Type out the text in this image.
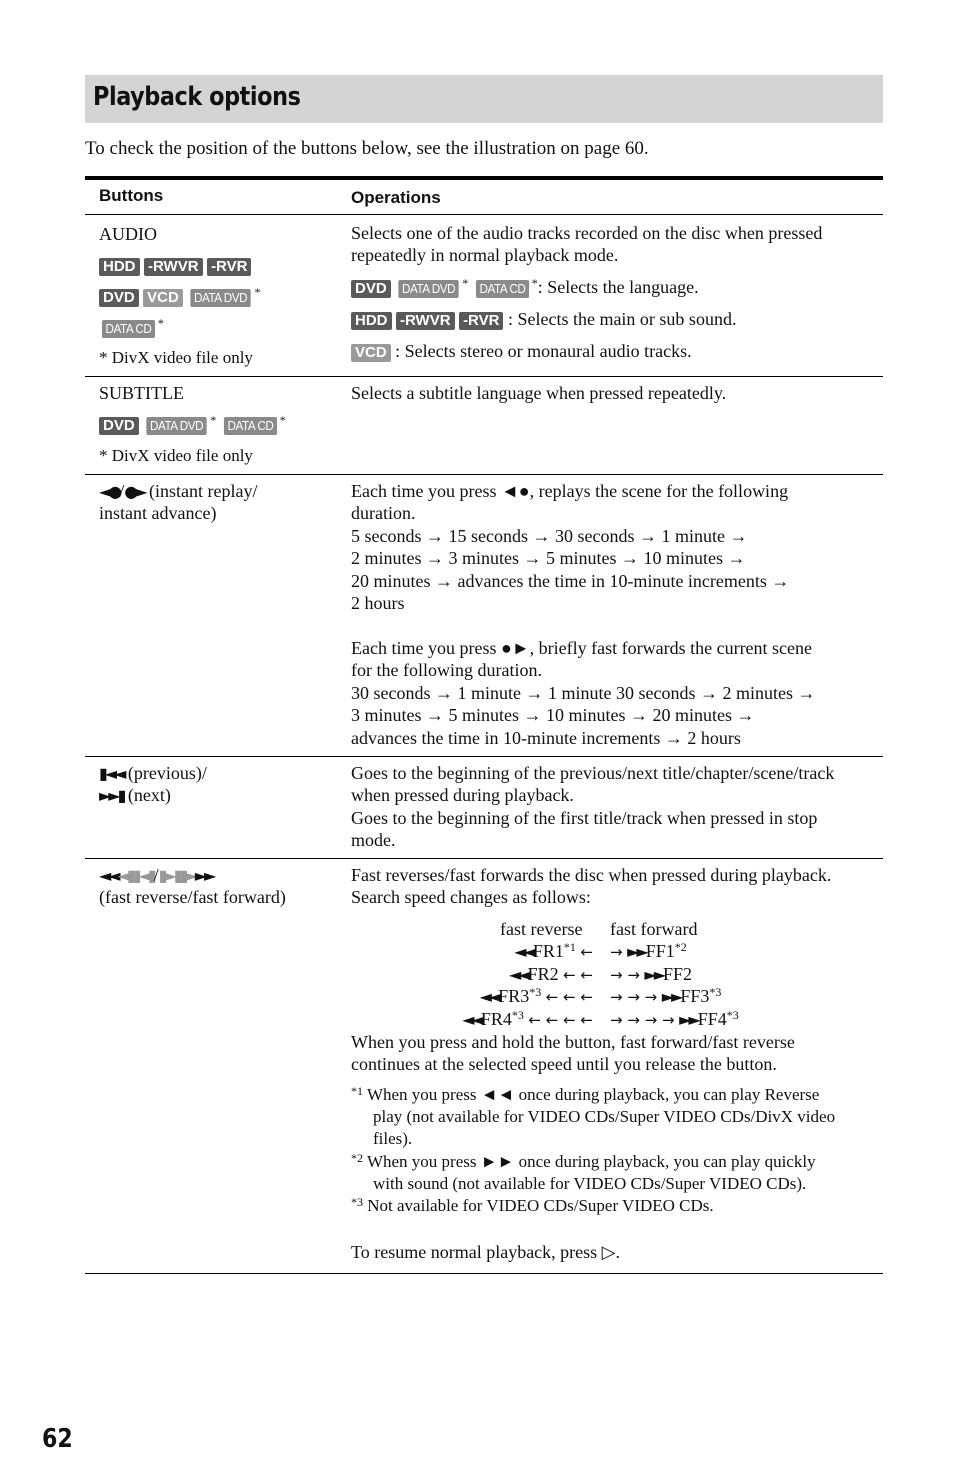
Playback options
To check the position of the buttons below, see the illustration on page 60.
Buttons	Operations
AUDIO
HDD -RWVR -RVR
DVD VCD DATA DVD *
DATA CD *
* DivX video file only
Selects one of the audio tracks recorded on the disc when pressed
repeatedly in normal playback mode.
DVD DATA DVD * DATA CD *: Selects the language.
HDD -RWVR -RVR : Selects the main or sub sound.
VCD : Selects stereo or monaural audio tracks.
SUBTITLE
DVD DATA DVD * DATA CD *
* DivX video file only
Selects a subtitle language when pressed repeatedly.
◄●/●► (instant replay/
instant advance)
Each time you press ◄●, replays the scene for the following
duration.
5 seconds → 15 seconds → 30 seconds → 1 minute →
2 minutes → 3 minutes → 5 minutes → 10 minutes →
20 minutes → advances the time in 10-minute increments →
2 hours
Each time you press ●►, briefly fast forwards the current scene
for the following duration.
30 seconds → 1 minute → 1 minute 30 seconds → 2 minutes →
3 minutes → 5 minutes → 10 minutes → 20 minutes →
advances the time in 10-minute increments → 2 hours
▮◄◄ (previous)/
►►▮ (next)
Goes to the beginning of the previous/next title/chapter/scene/track
when pressed during playback.
Goes to the beginning of the first title/track when pressed in stop
mode.
◄◄◄▮▮◄▮/▮►▮▮►►►
(fast reverse/fast forward)
Fast reverses/fast forwards the disc when pressed during playback.
Search speed changes as follows:
fast reverse fast forward
◄◄FR1$^{*1}$ ← → $►►FF1^{*2}$
◄◄FR2 ← ← → → ►►FF2
◄◄FR3$^{*3}$ ← ← ← → → → $►►FF3^{*3}$
◄◄FR4$^{*3}$ ← ← ← ← → → → → $►►FF4^{*3}$
When you press and hold the button, fast forward/fast reverse
continues at the selected speed until you release the button.
$^{*1}$ When you press ◄◄ once during playback, you can play Reverse
play (not available for VIDEO CDs/Super VIDEO CDs/DivX video
files).
$^{*2}$ When you press ►► once during playback, you can play quickly
with sound (not available for VIDEO CDs/Super VIDEO CDs).
$^{*3}$ Not available for VIDEO CDs/Super VIDEO CDs.
To resume normal playback, press ▷.
62
